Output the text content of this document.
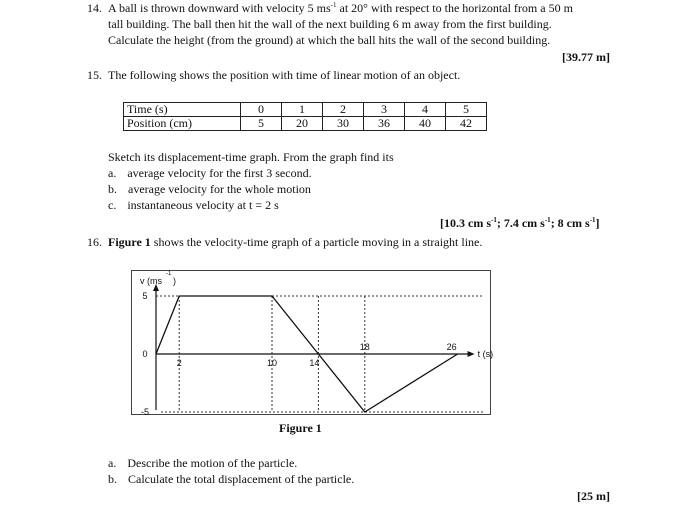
14. A ball is thrown downward with velocity 5 $ms^{-1}$ at 20° with respect to the horizontal from a 50 m
tall building. The ball then hit the wall of the next building 6 m away from the first building.
Calculate the height (from the ground) at which the ball hits the wall of the second building.
[39.77 m]
15. The following shows the position with time of linear motion of an object.
Time (s)	0	1	2	3	4	5
Position (cm)	5	20	30	36	40	42
Sketch its displacement-time graph. From the graph find its
a. average velocity for the first 3 second.
b. average velocity for the whole motion
c. instantaneous velocity at t = 2 s
[10.3 cm $s^{-1}$; 7.4 cm $s^{-1}$; 8 cm $s^{-1}$]
16. Figure 1 shows the velocity-time graph of a particle moving in a straight line.
2	10	14
18	26
5
0
-5
v (ms
-1
)
t (s)
Figure 1
a. Describe the motion of the particle.
b. Calculate the total displacement of the particle.
[25 m]
